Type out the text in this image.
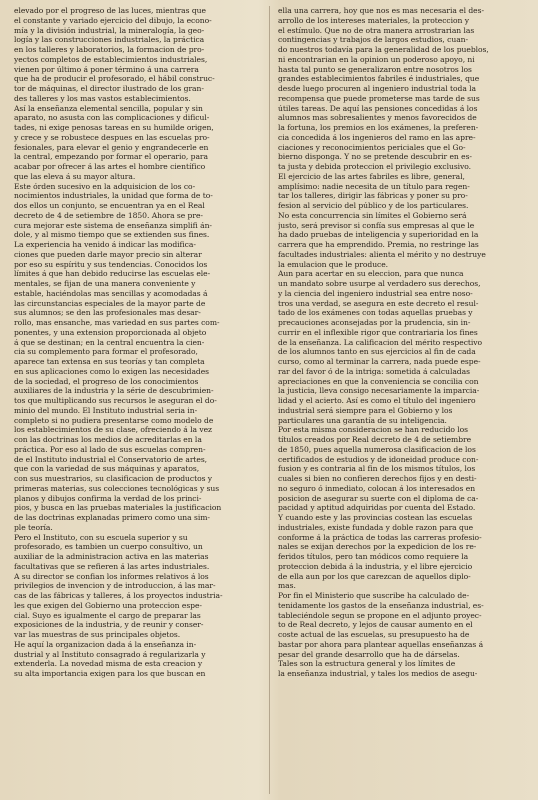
elevado por el progreso de las luces, mientras que
el constante y variado ejercicio del dibujo, la econo-
mía y la división industrial, la mineralogía, la geo-
logía y las construcciones industriales, la práctica
en los talleres y laboratorios, la formacion de pro-
yectos completos de establecimientos industriales,
vienen por último á poner término á una carrera
que ha de producir el profesorado, el hábil construc-
tor de máquinas, el director ilustrado de los gran-
des talleres y los mas vastos establecimientos.
Así la enseñanza elemental sencilla, popular y sin
aparato, no asusta con las complicaciones y dificul-
tades, ni exige penosas tareas en su humilde origen,
y crece y se robustece despues en las escuelas pro-
fesionales, para elevar el genio y engrandecerle en
la central, empezando por formar el operario, para
acabar por ofrecer á las artes el hombre científico
que las eleva á su mayor altura.
Este órden sucesivo en la adquisicion de los co-
nocimientos industriales, la unidad que forma de to-
dos ellos un conjunto, se encuentran ya en el Real
decreto de 4 de setiembre de 1850. Ahora se pre-
cura mejorar este sistema de enseñanza simplifi án-
dole, y al mismo tiempo que se extienden sus fines.
La experiencia ha venido á indicar las modifica-
ciones que pueden darle mayor precio sin alterar
por eso su espíritu y sus tendencias. Conocidos los
límites á que han debido reducirse las escuelas ele-
mentales, se fijan de una manera conveniente y
estable, haciéndolas mas sencillas y acomodadas á
las circunstancias especiales de la mayor parte de
sus alumnos; se den las profesionales mas desar-
rollo, mas ensanche, mas variedad en sus partes com-
ponentes, y una extension proporcionada al objeto
á que se destinan; en la central encuentra la cien-
cia su complemento para formar el profesorado,
aparece tan extensa en sus teorías y tan completa
en sus aplicaciones como lo exigen las necesidades
de la sociedad, el progreso de los conocimientos
auxiliares de la industria y la série de descubrimien-
tos que multiplicando sus recursos le aseguran el do-
minio del mundo. El Instituto industrial seria in-
completo si no pudiera presentarse como modelo de
los establecimientos de su clase, ofreciendo á la vez
con las doctrinas los medios de acreditarlas en la
práctica. Por eso al lado de sus escuelas compren-
de el Instituto industrial el Conservatorio de artes,
que con la variedad de sus máquinas y aparatos,
con sus muestrarios, su clasificacion de productos y
primeras materias, sus colecciones tecnológicas y sus
planos y dibujos confirma la verdad de los princi-
pios, y busca en las pruebas materiales la justificacion
de las doctrinas explanadas primero como una sim-
ple teoría.
Pero el Instituto, con su escuela superior y su
profesorado, es tambien un cuerpo consultivo, un
auxiliar de la administracion activa en las materias
facultativas que se refieren á las artes industriales.
A su director se confian los informes relativos á los
privilegios de invencion y de introduccion, á las mar-
cas de las fábricas y talleres, á los proyectos industria-
les que exigen del Gobierno una proteccion espe-
cial. Suyo es igualmente el cargo de preparar las
exposiciones de la industria, y de reunir y conser-
var las muestras de sus principales objetos.
He aquí la organizacion dada á la enseñanza in-
dustrial y al Instituto consagrado á regularizarla y
extenderla. La novedad misma de esta creacion y
su alta importancia exigen para los que buscan en
ella una carrera, hoy que nos es mas necesaria el des-
arrollo de los intereses materiales, la proteccion y
el estímulo. Que no de otra manera arrostrarian las
contingencias y trabajos de largos estudios, cuan-
do nuestros todavía para la generalidad de los pueblos,
ni encontrarian en la opinion un poderoso apoyo, ni
hasta tal punto se generalizaron entre nosotros los
grandes establecimientos fabriles é industriales, que
desde luego procuren al ingeniero industrial toda la
recompensa que puede prometerse mas tarde de sus
útiles tareas. De aquí las pensiones concedidas á los
alumnos mas sobresalientes y menos favorecidos de
la fortuna, los premios en los exámenes, la preferen-
cia concedida á los ingenieros del ramo en las apre-
ciaciones y reconocimientos periciales que el Go-
bierno disponga. Y no se pretende descubrir en es-
ta justa y debida proteccion el privilegio exclusivo.
El ejercicio de las artes fabriles es libre, general,
amplísimo: nadie necesita de un título para regen-
tar los talleres, dirigir las fábricas y poner su pro-
fesion al servicio del público y de los particulares.
No esta concurrencia sin límites el Gobierno será
justo, será previsor si confía sus empresas al que le
ha dado pruebas de inteligencia y superioridad en la
carrera que ha emprendido. Premia, no restringe las
facultades industriales: alienta el mérito y no destruye
la emulacion que le produce.
Aun para acertar en su eleccion, para que nunca
un mandato sobre usurpe al verdadero sus derechos,
y la ciencia del ingeniero industrial sea entre noso-
tros una verdad, se asegura en este decreto el resul-
tado de los exámenes con todas aquellas pruebas y
precauciones aconsejadas por la prudencia, sin in-
currir en el inflexible rigor que contrariaria los fines
de la enseñanza. La calificacion del mérito respectivo
de los alumnos tanto en sus ejercicios al fin de cada
curso, como al terminar la carrera, nada puede espe-
rar del favor ó de la intriga: sometida á calculadas
apreciaciones en que la conveniencia se concilia con
la justicia, lleva consigo necesariamente la imparcia-
lidad y el acierto. Así es como el título del ingeniero
industrial será siempre para el Gobierno y los
particulares una garantía de su inteligencia.
Por esta misma consideracion se han reducido los
títulos creados por Real decreto de 4 de setiembre
de 1850, pues aquella numerosa clasificacion de los
certificados de estudios y de idoneidad produce con-
fusion y es contraria al fin de los mismos títulos, los
cuales si bien no confieren derechos fijos y en desti-
no seguro ó inmediato, colocan á los interesados en
posicion de asegurar su suerte con el diploma de ca-
pacidad y aptitud adquiridas por cuenta del Estado.
Y cuando este y las provincias costean las escuelas
industriales, existe fundada y doble razon para que
conforme á la práctica de todas las carreras profesio-
nales se exijan derechos por la expedicion de los re-
feridos títulos, pero tan módicos como requiere la
proteccion debida á la industria, y el libre ejercicio
de ella aun por los que carezcan de aquellos diplo-
mas.
Por fin el Ministerio que suscribe ha calculado de-
tenidamente los gastos de la enseñanza industrial, es-
tableciéndole segun se propone en el adjunto proyec-
to de Real decreto, y lejos de causar aumento en el
coste actual de las escuelas, su presupuesto ha de
bastar por ahora para plantear aquellas enseñanzas á
pesar del grande desarrollo que ha de dárselas.
Tales son la estructura general y los límites de
la enseñanza industrial, y tales los medios de asegu-
